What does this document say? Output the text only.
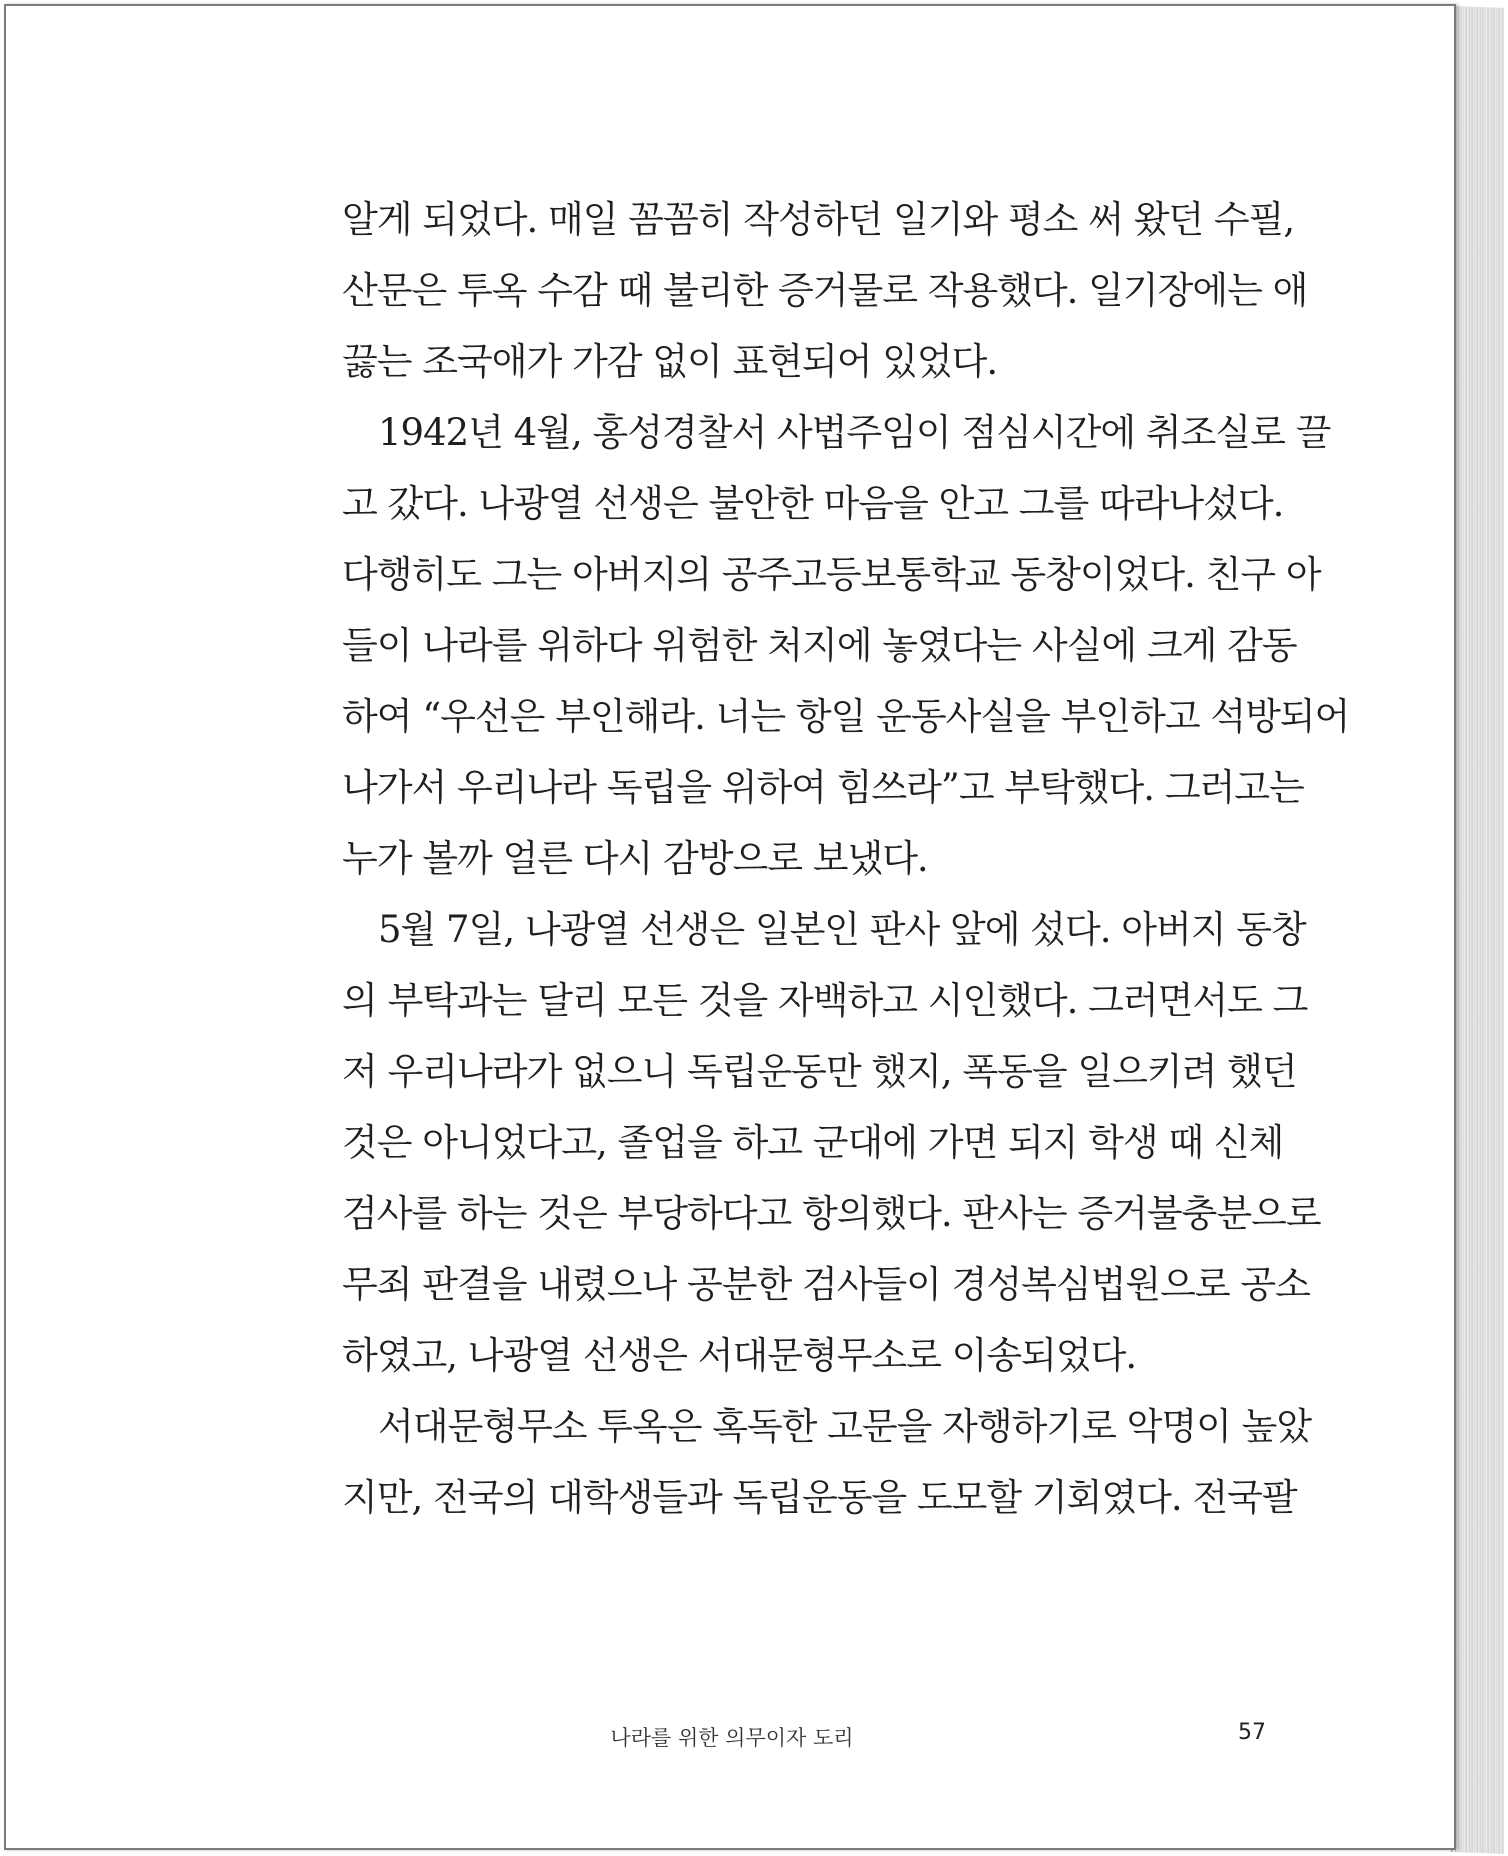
알게 되었다. 매일 꼼꼼히 작성하던 일기와 평소 써 왔던 수필,
산문은 투옥 수감 때 불리한 증거물로 작용했다. 일기장에는 애
끓는 조국애가 가감 없이 표현되어 있었다.
1942년 4월, 홍성경찰서 사법주임이 점심시간에 취조실로 끌
고 갔다. 나광열 선생은 불안한 마음을 안고 그를 따라나섰다.
다행히도 그는 아버지의 공주고등보통학교 동창이었다. 친구 아
들이 나라를 위하다 위험한 처지에 놓였다는 사실에 크게 감동
하여 “우선은 부인해라. 너는 항일 운동사실을 부인하고 석방되어
나가서 우리나라 독립을 위하여 힘쓰라”고 부탁했다. 그러고는
누가 볼까 얼른 다시 감방으로 보냈다.
5월 7일, 나광열 선생은 일본인 판사 앞에 섰다. 아버지 동창
의 부탁과는 달리 모든 것을 자백하고 시인했다. 그러면서도 그
저 우리나라가 없으니 독립운동만 했지, 폭동을 일으키려 했던
것은 아니었다고, 졸업을 하고 군대에 가면 되지 학생 때 신체
검사를 하는 것은 부당하다고 항의했다. 판사는 증거불충분으로
무죄 판결을 내렸으나 공분한 검사들이 경성복심법원으로 공소
하였고, 나광열 선생은 서대문형무소로 이송되었다.
서대문형무소 투옥은 혹독한 고문을 자행하기로 악명이 높았
지만, 전국의 대학생들과 독립운동을 도모할 기회였다. 전국팔
나라를 위한 의무이자 도리	57
